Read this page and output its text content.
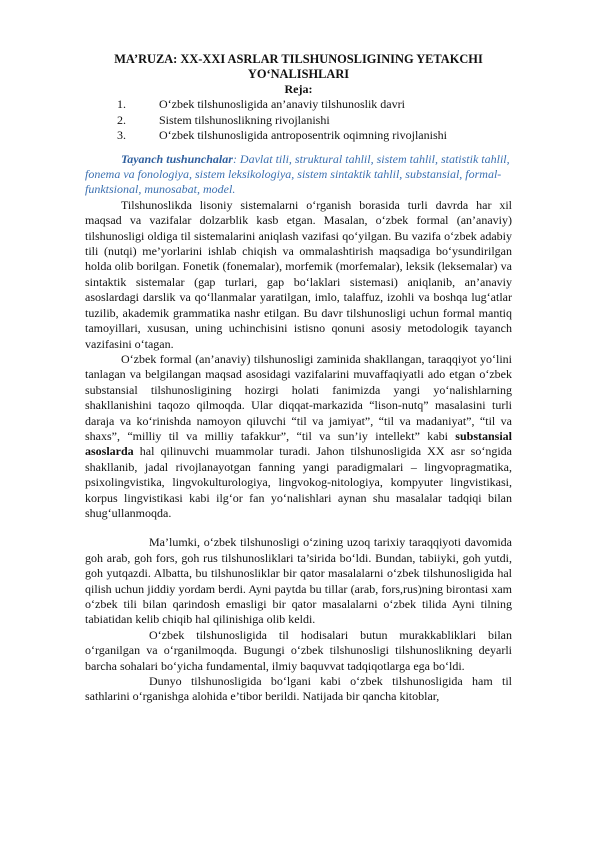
MA’RUZA: XX-XXI ASRLAR TILSHUNOSLIGINING YETAKCHI
YO‘NALISHLARI
Reja:
1.	O‘zbek tilshunosligida an’anaviy tilshunoslik davri
2.	Sistem tilshunoslikning rivojlanishi
3.	O‘zbek tilshunosligida antroposentrik oqimning rivojlanishi

Tayanch tushunchalar: Davlat tili, struktural tahlil, sistem tahlil, statistik tahlil, fonema va fonologiya, sistem leksikologiya, sistem sintaktik tahlil, substansial, formal-funktsional, munosabat, model.

Tilshunoslikda lisoniy sistemalarni o‘rganish borasida turli davrda har xil maqsad va vazifalar dolzarblik kasb etgan. Masalan, o‘zbek formal (an’anaviy) tilshunosligi oldiga til sistemalarini aniqlash vazifasi qo‘yilgan. Bu vazifa o‘zbek adabiy tili (nutqi) me’yorlarini ishlab chiqish va ommalashtirish maqsadiga bo‘ysundirilgan holda olib borilgan. Fonetik (fonemalar), morfemik (morfemalar), leksik (leksemalar) va sintaktik sistemalar (gap turlari, gap bo‘laklari sistemasi) aniqlanib, an’anaviy asoslardagi darslik va qo‘llanmalar yaratilgan, imlo, talaffuz, izohli va boshqa lug‘atlar tuzilib, akademik grammatika nashr etilgan. Bu davr tilshunosligi uchun formal mantiq tamoyillari, xususan, uning uchinchisini istisno qonuni asosiy metodologik tayanch vazifasini o‘tagan.

O‘zbek formal (an’anaviy) tilshunosligi zaminida shakllangan, taraqqiyot yo‘lini tanlagan va belgilangan maqsad asosidagi vazifalarini muvaffaqiyatli ado etgan o‘zbek substansial tilshunosligining hozirgi holati fanimizda yangi yo‘nalishlarning shakllanishini taqozo qilmoqda. Ular diqqat-markazida “lison-nutq” masalasini turli daraja va ko‘rinishda namoyon qiluvchi “til va jamiyat”, “til va madaniyat”, “til va shaxs”, “milliy til va milliy tafakkur”, “til va sun’iy intellekt” kabi substansial asoslarda hal qilinuvchi muammolar turadi. Jahon tilshunosligida XX asr so‘ngida shakllanib, jadal rivojlanayotgan fanning yangi paradigmalari – lingvopragmatika, psixolingvistika, lingvokulturologiya, lingvokog-nitologiya, kompyuter lingvistikasi, korpus lingvistikasi kabi ilg‘or fan yo‘nalishlari aynan shu masalalar tadqiqi bilan shug‘ullanmoqda.

Ma’lumki, o‘zbek tilshunosligi o‘zining uzoq tarixiy taraqqiyoti davomida goh arab, goh fors, goh rus tilshunosliklari ta’sirida bo‘ldi. Bundan, tabiiyki, goh yutdi, goh yutqazdi. Albatta, bu tilshunosliklar bir qator masalalarni o‘zbek tilshunosligida hal qilish uchun jiddiy yordam berdi. Ayni paytda bu tillar (arab, fors,rus)ning birontasi xam o‘zbek tili bilan qarindosh emasligi bir qator masalalarni o‘zbek tilida Ayni tilning tabiatidan kelib chiqib hal qilinishiga olib keldi.

O‘zbek tilshunosligida til hodisalari butun murakkabliklari bilan o‘rganilgan va o‘rganilmoqda. Bugungi o‘zbek tilshunosligi tilshunoslikning deyarli barcha sohalari bo‘yicha fundamental, ilmiy baquvvat tadqiqotlarga ega bo‘ldi.

Dunyo tilshunosligida bo‘lgani kabi o‘zbek tilshunosligida ham til sathlarini o‘rganishga alohida e’tibor berildi. Natijada bir qancha kitoblar,
